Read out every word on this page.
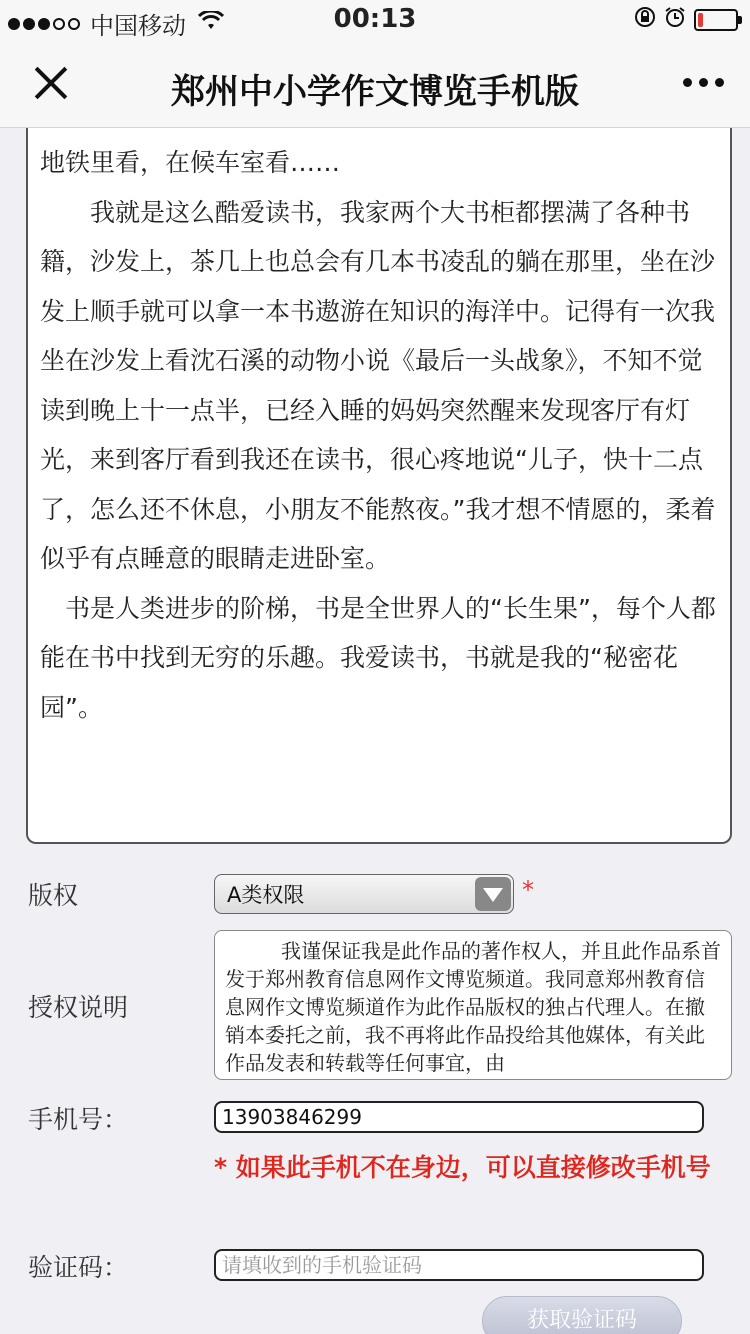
中国移动	00:13
郑州中小学作文博览手机版

地铁里看，在候车室看……

我就是这么酷爱读书，我家两个大书柜都摆满了各种书籍，沙发上，茶几上也总会有几本书凌乱的躺在那里，坐在沙发上顺手就可以拿一本书遨游在知识的海洋中。记得有一次我坐在沙发上看沈石溪的动物小说《最后一头战象》，不知不觉读到晚上十一点半，已经入睡的妈妈突然醒来发现客厅有灯光，来到客厅看到我还在读书，很心疼地说“儿子，快十二点了，怎么还不休息，小朋友不能熬夜。”我才想不情愿的，柔着似乎有点睡意的眼睛走进卧室。

书是人类进步的阶梯，书是全世界人的“长生果”，每个人都能在书中找到无穷的乐趣。我爱读书，书就是我的“秘密花园”。

版权	A类权限	*
授权说明

我谨保证我是此作品的著作权人，并且此作品系首发于郑州教育信息网作文博览频道。我同意郑州教育信息网作文博览频道作为此作品版权的独占代理人。在撤销本委托之前，我不再将此作品投给其他媒体，有关此作品发表和转载等任何事宜，由

手机号：
13903846299
* 如果此手机不在身边，可以直接修改手机号
验证码：
请填收到的手机验证码
获取验证码
